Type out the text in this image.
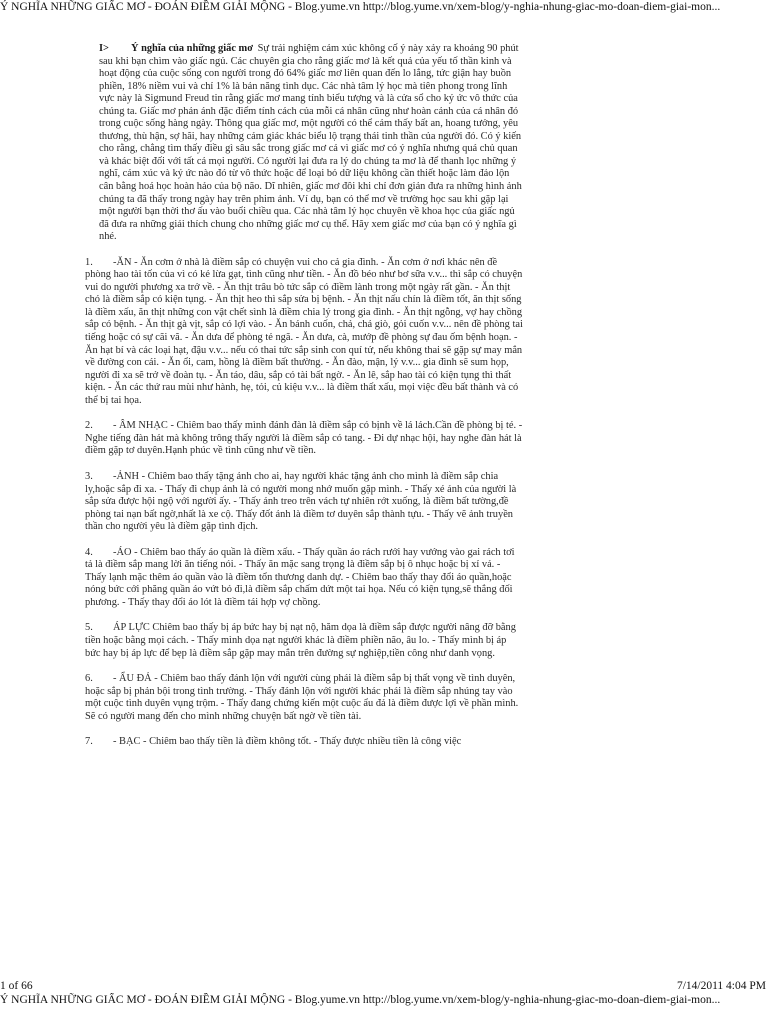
Ý NGHĨA NHỮNG GIẤC MƠ - ĐOÁN ĐIỀM GIẢI MỘNG - Blog.yume.vn http://blog.yume.vn/xem-blog/y-nghia-nhung-giac-mo-doan-diem-giai-mon...

I> Ý nghĩa của những giấc mơ Sự trải nghiệm cảm xúc không cố ý này xảy ra khoảng 90 phút sau khi bạn chìm vào giấc ngủ. Các chuyên gia cho rằng giấc mơ là kết quả của yếu tố thần kinh và hoạt động của cuộc sống con người trong đó 64% giấc mơ liên quan đến lo lắng, tức giận hay buồn phiền, 18% niềm vui và chỉ 1% là bản năng tình dục. Các nhà tâm lý học mà tiên phong trong lĩnh vực này là Sigmund Freud tin rằng giấc mơ mang tính biểu tượng và là cửa sổ cho ký ức vô thức của chúng ta. Giấc mơ phản ánh đặc điểm tính cách của mỗi cá nhân cũng như hoàn cảnh của cá nhân đó trong cuộc sống hàng ngày. Thông qua giấc mơ, một người có thể cảm thấy bất an, hoang tưởng, yêu thương, thù hận, sợ hãi, hay những cảm giác khác biểu lộ trạng thái tinh thần của người đó. Có ý kiến cho rằng, chẳng tìm thấy điều gì sâu sắc trong giấc mơ cả vì giấc mơ có ý nghĩa nhưng quá chủ quan và khác biệt đối với tất cả mọi người. Có người lại đưa ra lý do chúng ta mơ là để thanh lọc những ý nghĩ, cảm xúc và ký ức nào đó từ vô thức hoặc để loại bỏ dữ liệu không cần thiết hoặc làm đảo lộn cân bằng hoá học hoàn hảo của bộ não. Dĩ nhiên, giấc mơ đôi khi chỉ đơn giản đưa ra những hình ảnh chúng ta đã thấy trong ngày hay trên phim ảnh. Ví dụ, bạn có thể mơ về trường học sau khi gặp lại một người bạn thời thơ ấu vào buổi chiều qua. Các nhà tâm lý học chuyên về khoa học của giấc ngủ đã đưa ra những giải thích chung cho những giấc mơ cụ thể. Hãy xem giấc mơ của bạn có ý nghĩa gì nhé.

1. -ĂN - Ăn cơm ở nhà là điềm sắp có chuyện vui cho cả gia đình. - Ăn cơm ở nơi khác nên đề phòng hao tài tốn của vì có kẻ lừa gạt, tình cũng như tiền. - Ăn đồ béo như bơ sữa v.v... thì sắp có chuyện vui do người phương xa trở về. - Ăn thịt trâu bò tức sắp có điềm lành trong một ngày rất gần. - Ăn thịt chó là điềm sắp có kiện tụng. - Ăn thịt heo thì sắp sửa bị bệnh. - Ăn thịt nấu chín là điềm tốt, ăn thịt sống là điềm xấu, ăn thịt những con vật chết sình là điềm chia lý trong gia đình. - Ăn thịt ngỗng, vợ hay chồng sắp có bệnh. - Ăn thịt gà vịt, sắp có lợi vào. - Ăn bánh cuốn, chả, chả giò, gỏi cuốn v.v... nên đề phòng tai tiếng hoặc có sự cãi vã. - Ăn dưa để phòng tẻ ngã. - Ăn dưa, cà, mướp đề phòng sự đau ốm bệnh hoạn. - Ăn hạt bí và các loại hạt, đậu v.v... nếu có thai tức sắp sinh con quí tử, nếu không thai sẽ gặp sự may mắn về đường con cái. - Ăn ổi, cam, hồng là điềm bất thường. - Ăn đào, mận, lý v.v... gia đình sẽ sum họp, người đi xa sẽ trở về đoàn tụ. - Ăn táo, dâu, sắp có tài bất ngờ. - Ăn lê, sắp hao tài có kiện tụng thì thất kiện. - Ăn các thứ rau mùi như hành, hẹ, tỏi, củ kiệu v.v... là điềm thất xấu, mọi việc đều bất thành và có thể bị tai họa.

2. - ÂM NHẠC - Chiêm bao thấy mình đánh đàn là điềm sắp có bịnh về lá lách.Cần đề phòng bị té. - Nghe tiếng đàn hát mà không trông thấy người là điềm sắp có tang. - Đi dự nhạc hội, hay nghe đàn hát là điềm gặp tơ duyên.Hạnh phúc về tình cũng như về tiền.

3. -ẢNH - Chiêm bao thấy tặng ảnh cho ai, hay người khác tặng ảnh cho mình là điềm sắp chia ly,hoặc sắp đi xa. - Thấy đi chụp ảnh là có người mong nhớ muốn gặp mình. - Thấy xé ảnh của người là sắp sửa được hội ngộ với người ấy. - Thấy ảnh treo trên vách tự nhiên rớt xuống, là điềm bất tường,đề phòng tai nạn bất ngờ,nhất là xe cộ. Thấy đốt ảnh là điềm tơ duyên sắp thành tựu. - Thấy vẽ ảnh truyền thần cho người yêu là điềm gặp tình địch.

4. -ÁO - Chiêm bao thấy áo quần là điềm xấu. - Thấy quần áo rách rưới hay vướng vào gai rách tơi tả là điềm sắp mang lời ăn tiếng nói. - Thấy ăn mặc sang trọng là điềm sắp bị ô nhục hoặc bị xỉ vả. - Thấy lạnh mặc thêm áo quần vào là điềm tổn thương danh dự. - Chiêm bao thấy thay đổi áo quần,hoặc nóng bức cởi phăng quần áo vứt bỏ đi,là điềm sắp chấm dứt một tai họa. Nếu có kiện tụng,sẽ thắng đối phương. - Thấy thay đổi áo lót là điềm tái hợp vợ chồng.

5. ÁP LỰC Chiêm bao thấy bị áp bức hay bị nạt nộ, hăm dọa là điềm sắp được người nâng đỡ bằng tiền hoặc bằng mọi cách. - Thấy mình dọa nạt người khác là điềm phiền não, âu lo. - Thấy mình bị áp bức hay bị áp lực để bẹp là điềm sắp gặp may mắn trên đường sự nghiệp,tiền công như danh vọng.

6. - ẨU ĐẢ - Chiêm bao thấy đánh lộn với người cùng phái là điềm sắp bị thất vọng về tình duyên, hoặc sắp bị phản bội trong tình trường. - Thấy đánh lộn với người khác phái là điềm sắp nhúng tay vào một cuộc tình duyên vụng trộm. - Thấy đang chứng kiến một cuộc ẩu đả là điềm được lợi về phần mình. Sẽ có người mang đến cho mình những chuyện bất ngờ về tiền tài.

7. - BẠC - Chiêm bao thấy tiền là điềm không tốt. - Thấy được nhiều tiền là công việc

1 of 66	7/14/2011 4:04 PM
Ý NGHĨA NHỮNG GIẤC MƠ - ĐOÁN ĐIỀM GIẢI MỘNG - Blog.yume.vn http://blog.yume.vn/xem-blog/y-nghia-nhung-giac-mo-doan-diem-giai-mon...
